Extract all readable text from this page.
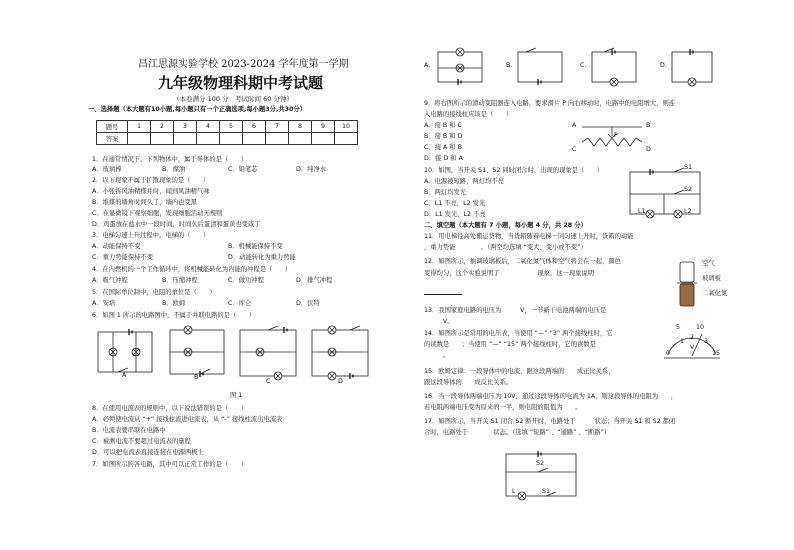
昌江思源实验学校 2023-2024 学年度第一学期
九年级物理科期中考试题
（本卷满分 100 分　考试时间 60 分钟）
一、选择题（本大题有10小题,每小题只有一个正确选项,每小题3分,共30分）
题号	1	2	3	4	5	6	7	8	9	10
答案										
1．在通常情况下，下列物体中，属于导体的是（　　）
A．玻璃棒	B．煤油	C．铅笔芯	D．纯净水
2．以下现象不属于扩散现象的是（　　）
A．小张拆风油精搽并时，闻到风油精气味
B．堆煤的墙角时间久了，墙内也变黑
C．在显微镜下观察细胞，发现细胞活动无规则
D．鸡蛋放在盐水中一段时间，时间久后蛋清和蛋黄也变咸了
3．电梯匀速上升过程中，电梯的（　　）
A．动能保持不变	B．机械能保持不变
C．重力势能保持不变	D．动能转化为重力势能
4．在内燃机的一个工作循环中，将机械能转化为内能的冲程是（　　）
A．吸气冲程	B．压缩冲程	C．做功冲程	D．排气冲程
5．在国际单位制中，电阻的单位是（　　）
A．安培	B．欧姆	C．库仑	D．伏特
6．如图 1 所示的电路图中，不属于并联电路的是（　　）
A	B
C	D
图 1
8．在使用电流表的规则中，以下说法错误的是（　　）
A．必须使电流从 “+” 接线柱流进电流表，从 “-” 接线柱流出电流表
B．电流表要串联在电路中
C．被测电流不要超过电流表的量程
D．可以把电流表直接连接在电源两极上
7．如图所示的各电路，其中可以正常工作的是（　　）
A.	B.	C.	D.
9．将右图所示的滑动变阻器连入电路，要求滑片 P 向右移动时，电路中的电阻增大，则连
入电路的接线柱应该是（　　）
A．接 B 和 C
B．接 B 和 D
C．接 A 和 B
D．接 D 和 A
A	B
C	D
P
10．如图，当开关 S1、S2 同时闭合时，出现的现象是（　　）
A．电源被短路，两灯均不亮
B．两灯均发光
C．L1 不亮，L2 发光
D．L1 发光，L2 不亮
S1
S2
L1	L2
二、填空题（本大题有 7 小题，每小题 4 分，共 28 分）
11．用电梯往高处搬运货物，当货箱随着电梯一同匀速上升时，货箱的动能
，重力势能　　　　。（两空均选填 “变大、变小或不变”）
12．如图所示，抽调玻璃板后，二氧化氮气体和空气将会在一起，颜色
变得均匀，这个实验说明了　　　　　　现象，这一现象说明
空气
玻璃板
二氧化氮
13．我国家庭电路的电压为　　　V，一节新干电池两端的电压是
　　　V。
14．如图所示是常用的电压表，当使用 “—” “3” 两个接线柱时，它
的读数是　　；当使用 “—” “15” 两个接线柱时，它的读数是
　　　。
V
0
5	10
15
1
2
3
15．欧姆定律：一段导体中的电流，跟这段两端的　　成正比关系，
跟这段导体的　　成反比关系。
16．当一段导体两端电压为 10V，通过这段导体的电流为 1A，则这段导体的电阻为　　，
若电阻两端电压变为原来的一半，则电阻的阻值为　　。
17．如图所示，当开关 S1 闭合 S2 断开时，电路处于　　　状态；当开关 S1 和 S2 都闭
合时，电路处于　　　　状态。（选填 “短路” 、“通路” 、“断路”）
S2
L	S1
